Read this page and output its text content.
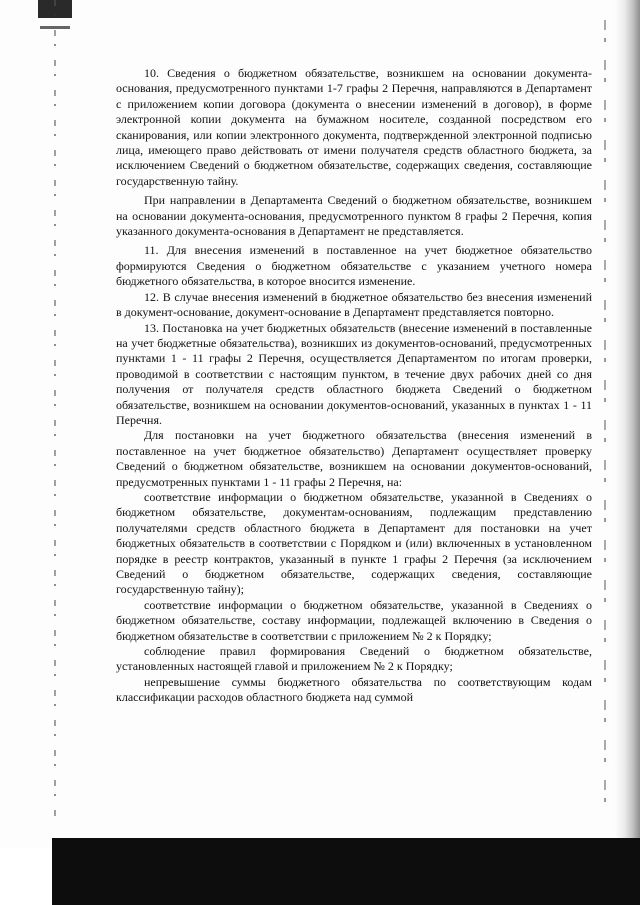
10. Сведения о бюджетном обязательстве, возникшем на основании документа-основания, предусмотренного пунктами 1-7 графы 2 Перечня, направляются в Департамент с приложением копии договора (документа о внесении изменений в договор), в форме электронной копии документа на бумажном носителе, созданной посредством его сканирования, или копии электронного документа, подтвержденной электронной подписью лица, имеющего право действовать от имени получателя средств областного бюджета, за исключением Сведений о бюджетном обязательстве, содержащих сведения, составляющие государственную тайну.

При направлении в Департамента Сведений о бюджетном обязательстве, возникшем на основании документа-основания, предусмотренного пунктом 8 графы 2 Перечня, копия указанного документа-основания в Департамент не представляется.

11. Для внесения изменений в поставленное на учет бюджетное обязательство формируются Сведения о бюджетном обязательстве с указанием учетного номера бюджетного обязательства, в которое вносится изменение.

12. В случае внесения изменений в бюджетное обязательство без внесения изменений в документ-основание, документ-основание в Департамент представляется повторно.

13. Постановка на учет бюджетных обязательств (внесение изменений в поставленные на учет бюджетные обязательства), возникших из документов-оснований, предусмотренных пунктами 1 - 11 графы 2 Перечня, осуществляется Департаментом по итогам проверки, проводимой в соответствии с настоящим пунктом, в течение двух рабочих дней со дня получения от получателя средств областного бюджета Сведений о бюджетном обязательстве, возникшем на основании документов-оснований, указанных в пунктах 1 - 11 Перечня.

Для постановки на учет бюджетного обязательства (внесения изменений в поставленное на учет бюджетное обязательство) Департамент осуществляет проверку Сведений о бюджетном обязательстве, возникшем на основании документов-оснований, предусмотренных пунктами 1 - 11 графы 2 Перечня, на:

соответствие информации о бюджетном обязательстве, указанной в Сведениях о бюджетном обязательстве, документам-основаниям, подлежащим представлению получателями средств областного бюджета в Департамент для постановки на учет бюджетных обязательств в соответствии с Порядком и (или) включенных в установленном порядке в реестр контрактов, указанный в пункте 1 графы 2 Перечня (за исключением Сведений о бюджетном обязательстве, содержащих сведения, составляющие государственную тайну);

соответствие информации о бюджетном обязательстве, указанной в Сведениях о бюджетном обязательстве, составу информации, подлежащей включению в Сведения о бюджетном обязательстве в соответствии с приложением № 2 к Порядку;

соблюдение правил формирования Сведений о бюджетном обязательстве, установленных настоящей главой и приложением № 2 к Порядку;

непревышение суммы бюджетного обязательства по соответствующим кодам классификации расходов областного бюджета над суммой
